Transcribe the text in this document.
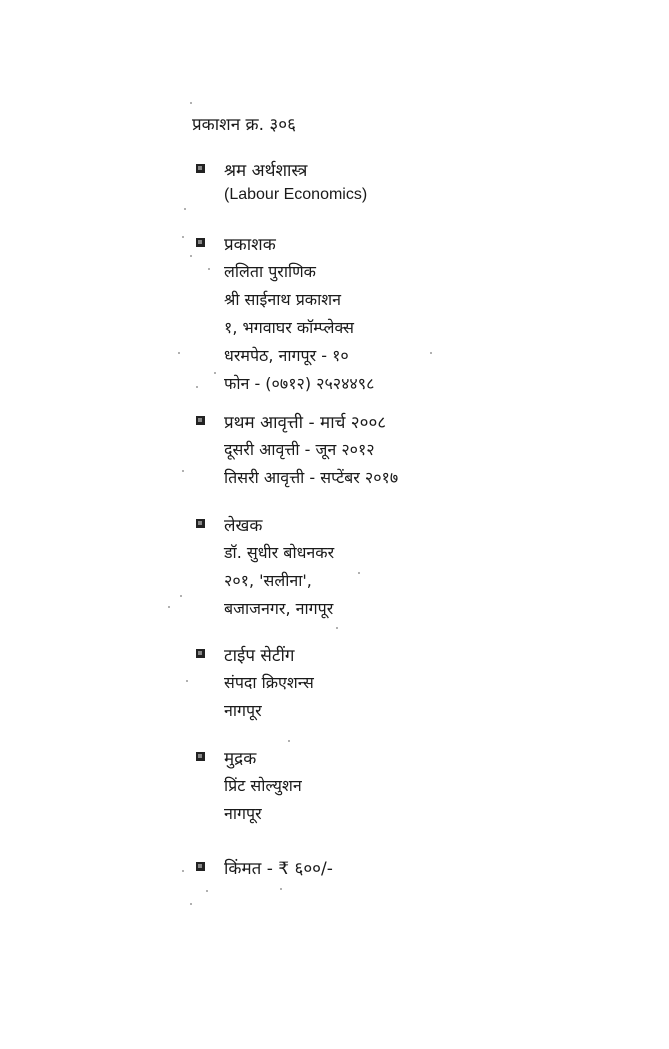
प्रकाशन क्र. ३०६
श्रम अर्थशास्त्र
(Labour Economics)
प्रकाशक
ललिता पुराणिक
श्री साईनाथ प्रकाशन
१, भगवाघर कॉम्प्लेक्स
धरमपेठ, नागपूर - १०
फोन - (०७१२) २५२४४९८
प्रथम आवृत्ती - मार्च २००८
दूसरी आवृत्ती - जून २०१२
तिसरी आवृत्ती - सप्टेंबर २०१७
लेखक
डॉ. सुधीर बोधनकर
२०१, 'सलीना',
बजाजनगर, नागपूर
टाईप सेटींग
संपदा क्रिएशन्स
नागपूर
मुद्रक
प्रिंट सोल्युशन
नागपूर
किंमत - ₹ ६००/-
